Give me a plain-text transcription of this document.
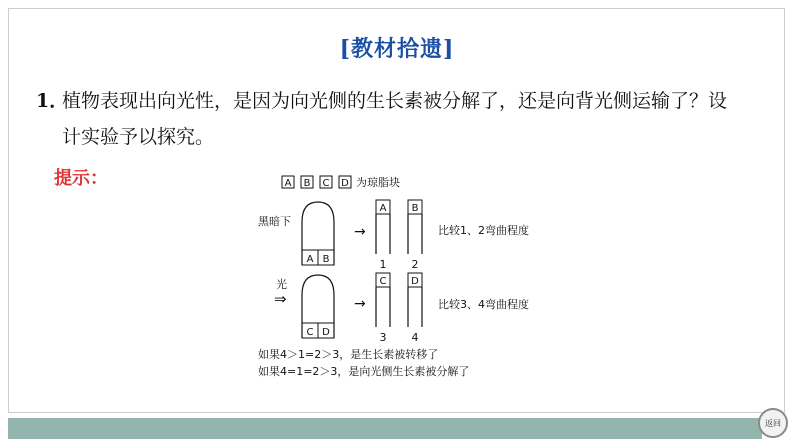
[教材拾遗]
1．植物表现出向光性，是因为向光侧的生长素被分解了，还是向背光侧运输了？设
计实验予以探究。
提示：	A B C D 为琼脂块
黑暗下
A B
→
A	B
1 2
比较1、2弯曲程度
光
⇒
C D
→
C D
3 4
比较3、4弯曲程度
如果4＞1=2＞3，是生长素被转移了
如果4=1=2＞3，是向光侧生长素被分解了
返回
